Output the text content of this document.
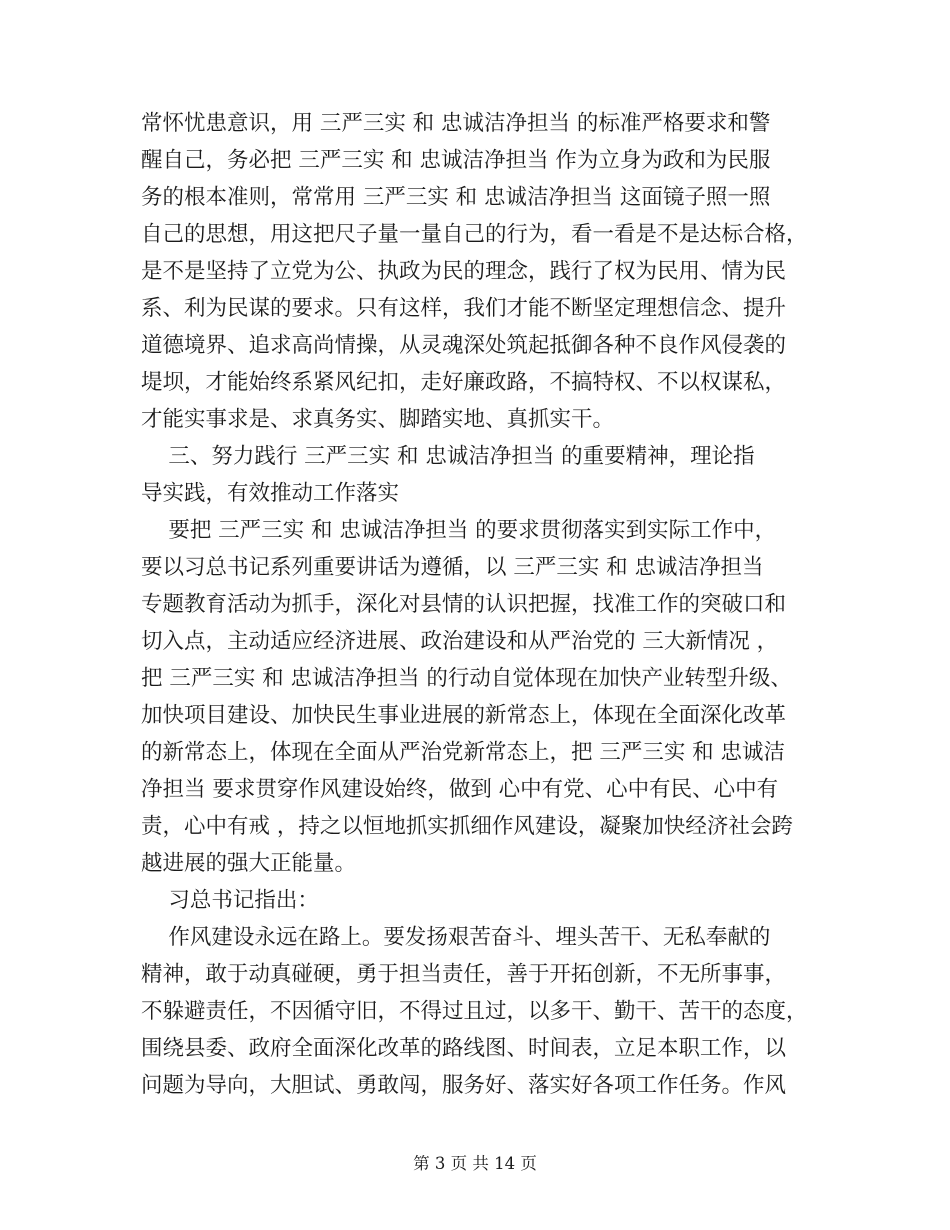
常怀忧患意识，用 三严三实 和 忠诚洁净担当 的标准严格要求和警
醒自己，务必把 三严三实 和 忠诚洁净担当 作为立身为政和为民服
务的根本准则，常常用 三严三实 和 忠诚洁净担当 这面镜子照一照
自己的思想，用这把尺子量一量自己的行为，看一看是不是达标合格，
是不是坚持了立党为公、执政为民的理念，践行了权为民用、情为民
系、利为民谋的要求。只有这样，我们才能不断坚定理想信念、提升
道德境界、追求高尚情操，从灵魂深处筑起抵御各种不良作风侵袭的
堤坝，才能始终系紧风纪扣，走好廉政路，不搞特权、不以权谋私，
才能实事求是、求真务实、脚踏实地、真抓实干。
三、努力践行 三严三实 和 忠诚洁净担当 的重要精神，理论指
导实践，有效推动工作落实
要把 三严三实 和 忠诚洁净担当 的要求贯彻落实到实际工作中，
要以习总书记系列重要讲话为遵循，以 三严三实 和 忠诚洁净担当
专题教育活动为抓手，深化对县情的认识把握，找准工作的突破口和
切入点，主动适应经济进展、政治建设和从严治党的 三大新情况 ，
把 三严三实 和 忠诚洁净担当 的行动自觉体现在加快产业转型升级、
加快项目建设、加快民生事业进展的新常态上，体现在全面深化改革
的新常态上，体现在全面从严治党新常态上，把 三严三实 和 忠诚洁
净担当 要求贯穿作风建设始终，做到 心中有党、心中有民、心中有
责，心中有戒 ，持之以恒地抓实抓细作风建设，凝聚加快经济社会跨
越进展的强大正能量。
习总书记指出：
作风建设永远在路上。要发扬艰苦奋斗、埋头苦干、无私奉献的
精神，敢于动真碰硬，勇于担当责任，善于开拓创新，不无所事事，
不躲避责任，不因循守旧，不得过且过，以多干、勤干、苦干的态度，
围绕县委、政府全面深化改革的路线图、时间表，立足本职工作，以
问题为导向，大胆试、勇敢闯，服务好、落实好各项工作任务。作风
第 3 页 共 14 页
